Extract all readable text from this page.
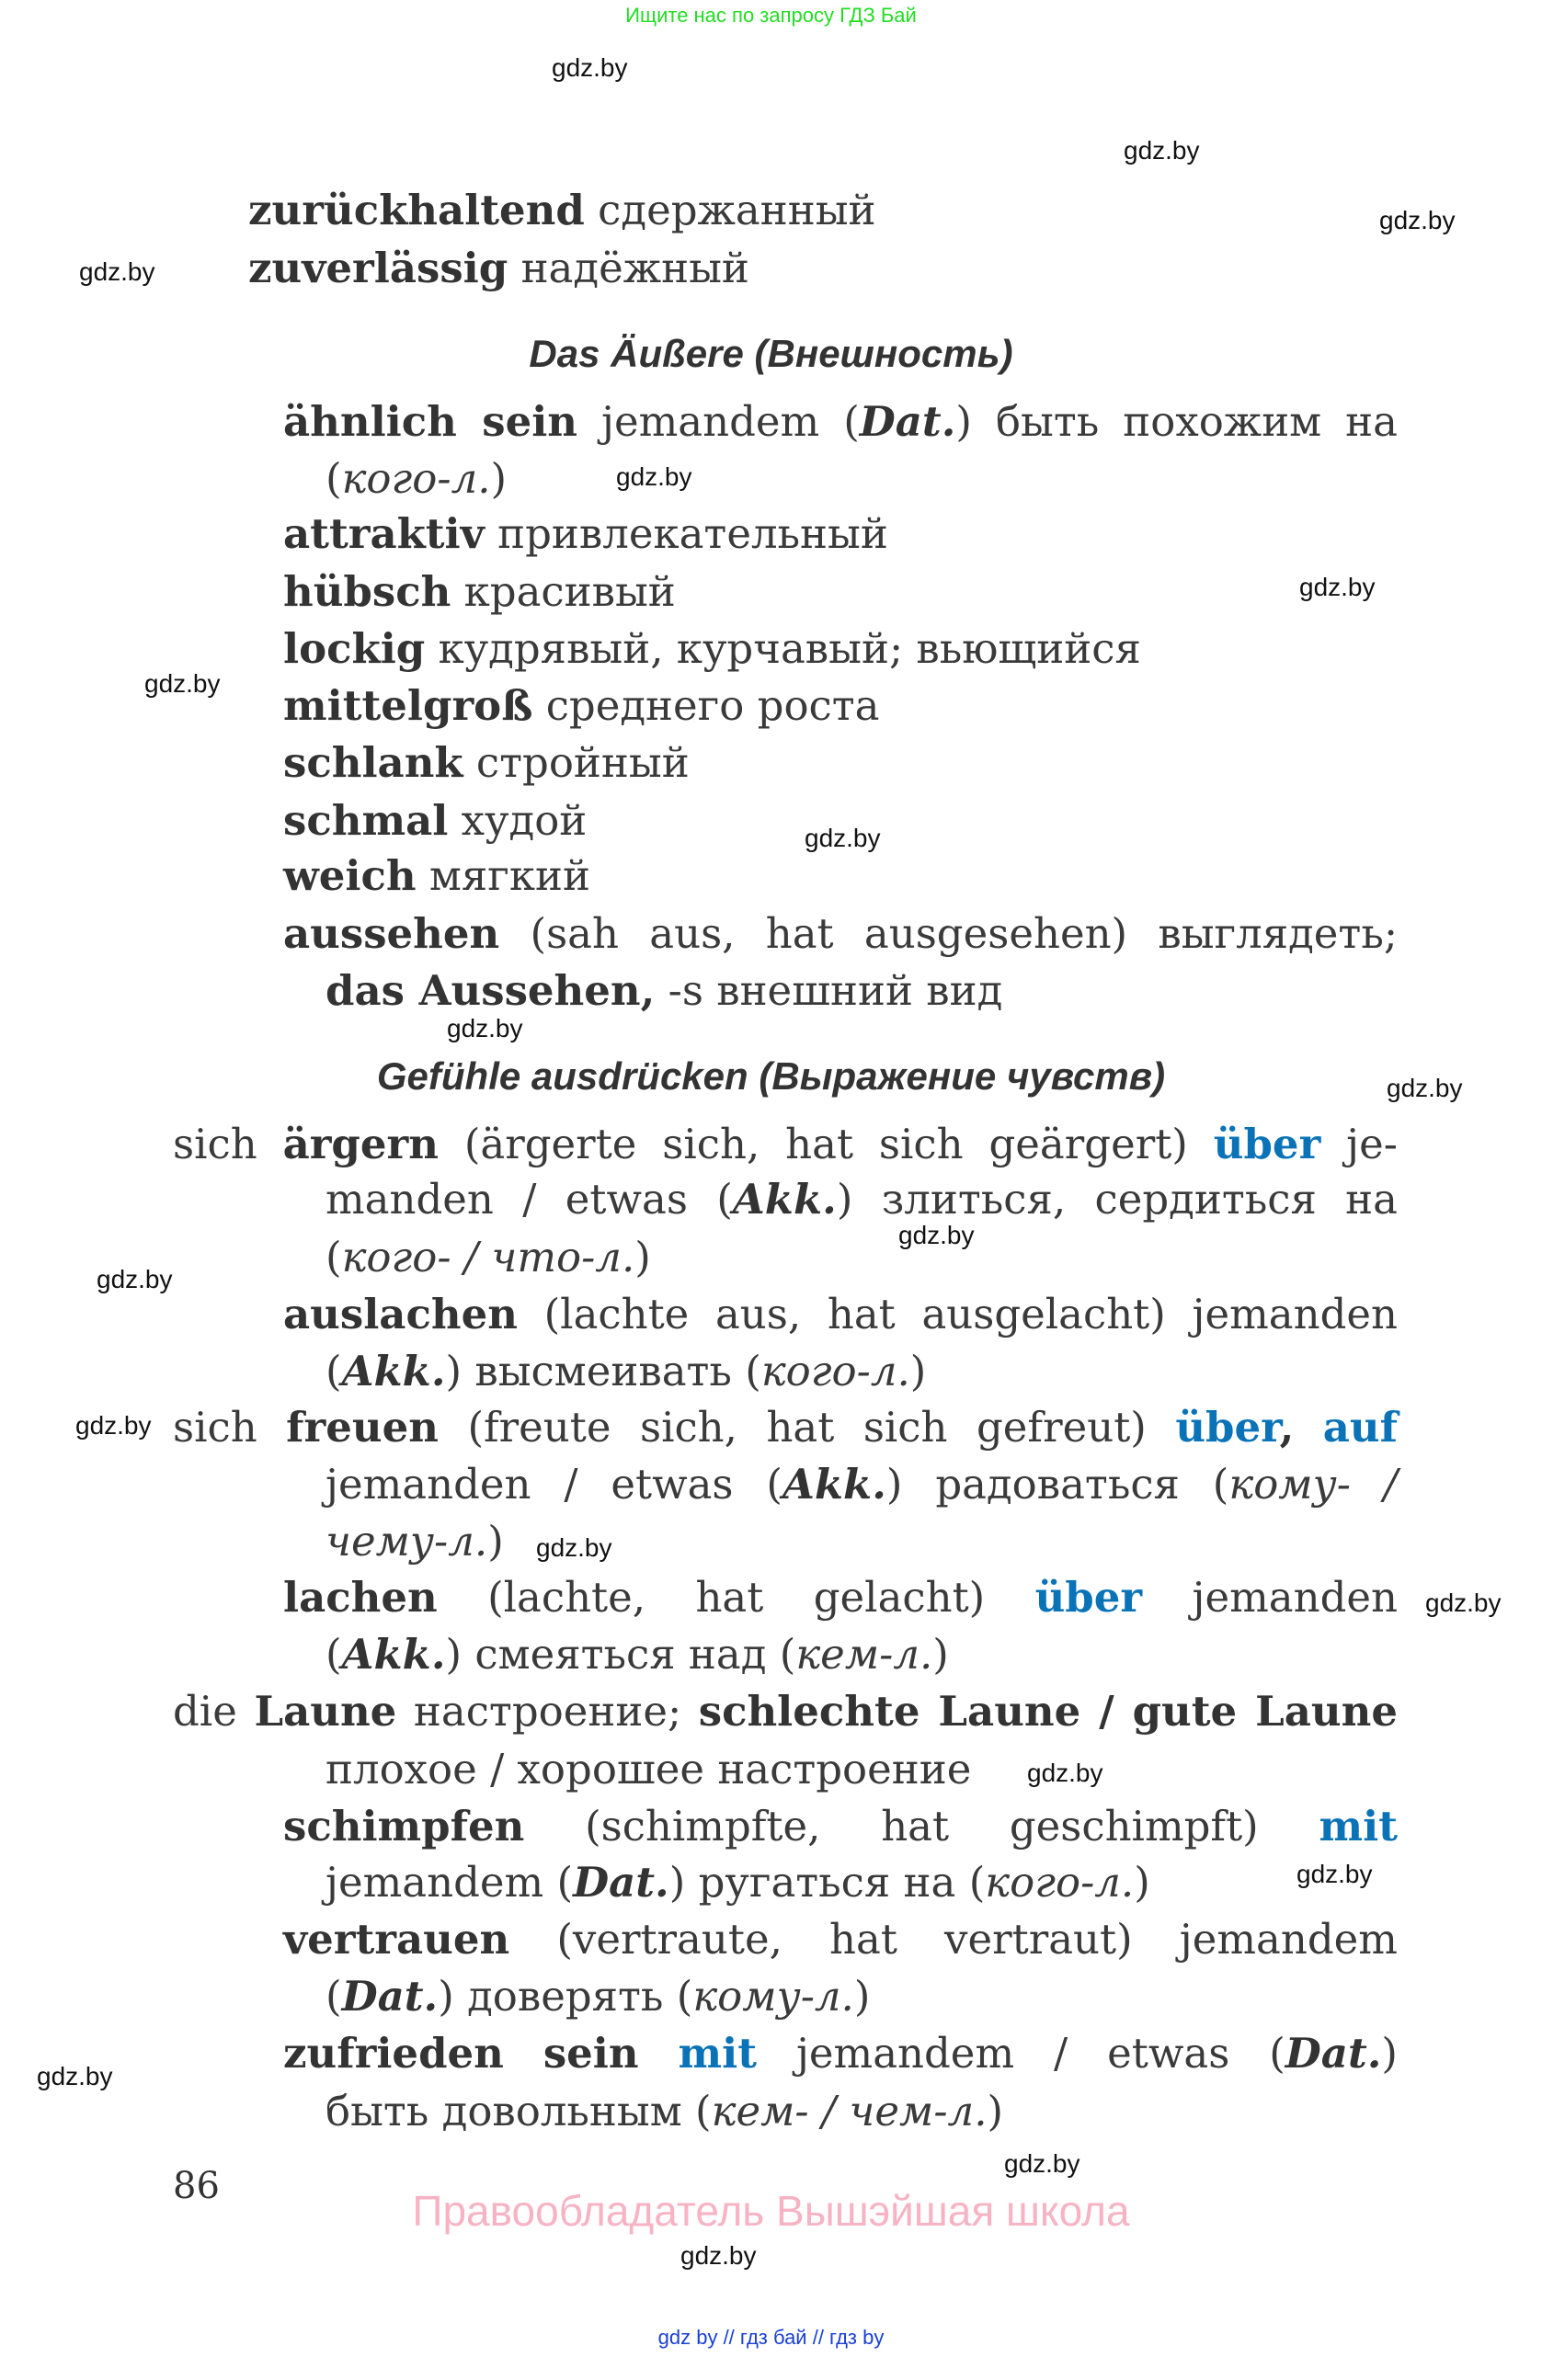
Ищите нас по запросу ГДЗ Бай
gdz.by
gdz.by
gdz.by
gdz.by
gdz.by
gdz.by
gdz.by
gdz.by
gdz.by
gdz.by
gdz.by
gdz.by
gdz.by
gdz.by
gdz.by
gdz.by
gdz.by
gdz.by
gdz.by
gdz.by
zurückhaltend сдержанный
zuverlässig надёжный
Das Äußere (Внешность)
ähnlich sein jemandem (Dat.) быть похожим на
(кого-л.)
attraktiv привлекательный
hübsch красивый
lockig кудрявый, курчавый; вьющийся
mittelgroß среднего роста
schlank стройный
schmal худой
weich мягкий
aussehen (sah aus, hat ausgesehen) выглядеть;
das Aussehen, -s внешний вид
Gefühle ausdrücken (Выражение чувств)
sich ärgern (ärgerte sich, hat sich geärgert) über je-
manden / etwas (Akk.) злиться, сердиться на
(кого- / что-л.)
auslachen (lachte aus, hat ausgelacht) jemanden
(Akk.) высмеивать (кого-л.)
sich freuen (freute sich, hat sich gefreut) über, auf
jemanden / etwas (Akk.) радоваться (кому- /
чему-л.)
lachen (lachte, hat gelacht) über jemanden
(Akk.) смеяться над (кем-л.)
die Laune настроение; schlechte Laune / gute Laune
плохое / хорошее настроение
schimpfen (schimpfte, hat geschimpft) mit
jemandem (Dat.) ругаться на (кого-л.)
vertrauen (vertraute, hat vertraut) jemandem
(Dat.) доверять (кому-л.)
zufrieden sein mit jemandem / etwas (Dat.)
быть довольным (кем- / чем-л.)
86
Правообладатель Вышэйшая школа
gdz by // гдз бай // гдз by
